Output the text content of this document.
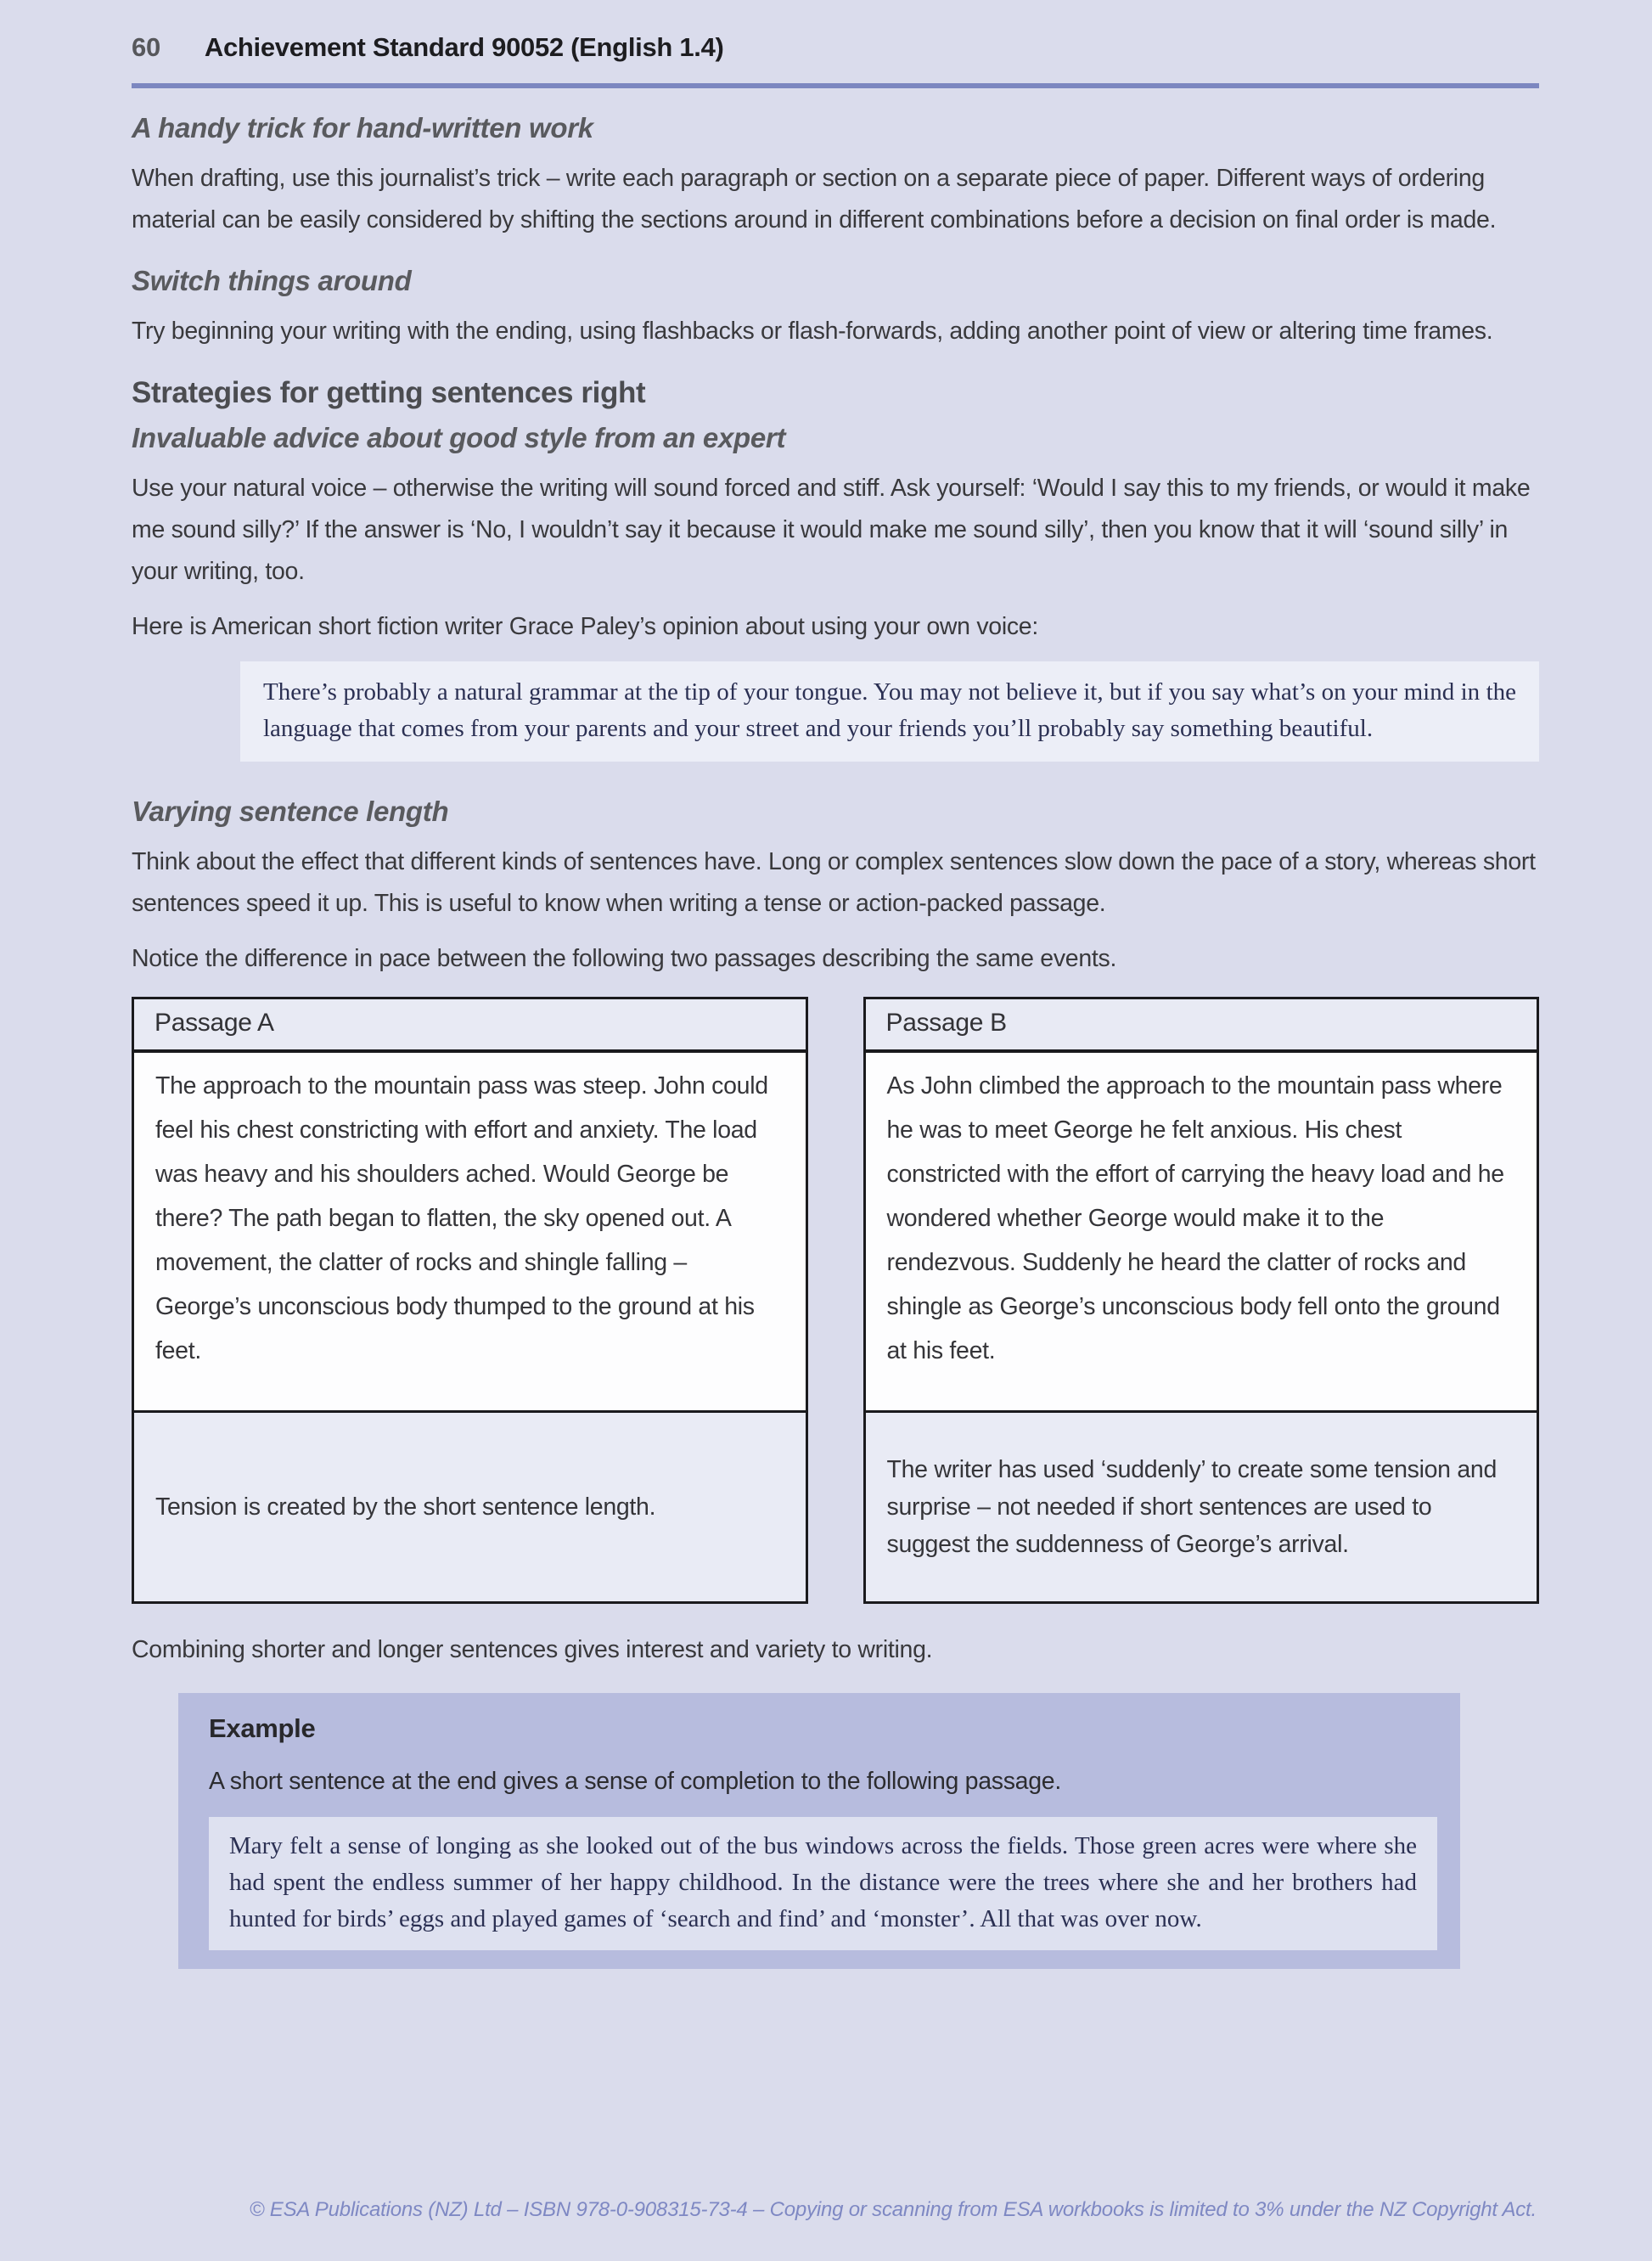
60 Achievement Standard 90052 (English 1.4)
A handy trick for hand-written work
When drafting, use this journalist’s trick – write each paragraph or section on a separate piece of paper. Different ways of ordering material can be easily considered by shifting the sections around in different combinations before a decision on final order is made.
Switch things around
Try beginning your writing with the ending, using flashbacks or flash-forwards, adding another point of view or altering time frames.
Strategies for getting sentences right
Invaluable advice about good style from an expert
Use your natural voice – otherwise the writing will sound forced and stiff. Ask yourself: ‘Would I say this to my friends, or would it make me sound silly?’ If the answer is ‘No, I wouldn’t say it because it would make me sound silly’, then you know that it will ‘sound silly’ in your writing, too.
Here is American short fiction writer Grace Paley’s opinion about using your own voice:
There’s probably a natural grammar at the tip of your tongue. You may not believe it, but if you say what’s on your mind in the language that comes from your parents and your street and your friends you’ll probably say something beautiful.
Varying sentence length
Think about the effect that different kinds of sentences have. Long or complex sentences slow down the pace of a story, whereas short sentences speed it up. This is useful to know when writing a tense or action-packed passage.
Notice the difference in pace between the following two passages describing the same events.
Passage A
The approach to the mountain pass was steep. John could feel his chest constricting with effort and anxiety. The load was heavy and his shoulders ached. Would George be there? The path began to flatten, the sky opened out. A movement, the clatter of rocks and shingle falling – George’s unconscious body thumped to the ground at his feet.
Tension is created by the short sentence length.
Passage B
As John climbed the approach to the mountain pass where he was to meet George he felt anxious. His chest constricted with the effort of carrying the heavy load and he wondered whether George would make it to the rendezvous. Suddenly he heard the clatter of rocks and shingle as George’s unconscious body fell onto the ground at his feet.
The writer has used ‘suddenly’ to create some tension and surprise – not needed if short sentences are used to suggest the suddenness of George’s arrival.
Combining shorter and longer sentences gives interest and variety to writing.
Example
A short sentence at the end gives a sense of completion to the following passage.
Mary felt a sense of longing as she looked out of the bus windows across the fields. Those green acres were where she had spent the endless summer of her happy childhood. In the distance were the trees where she and her brothers had hunted for birds’ eggs and played games of ‘search and find’ and ‘monster’. All that was over now.
© ESA Publications (NZ) Ltd – ISBN 978-0-908315-73-4 – Copying or scanning from ESA workbooks is limited to 3% under the NZ Copyright Act.
